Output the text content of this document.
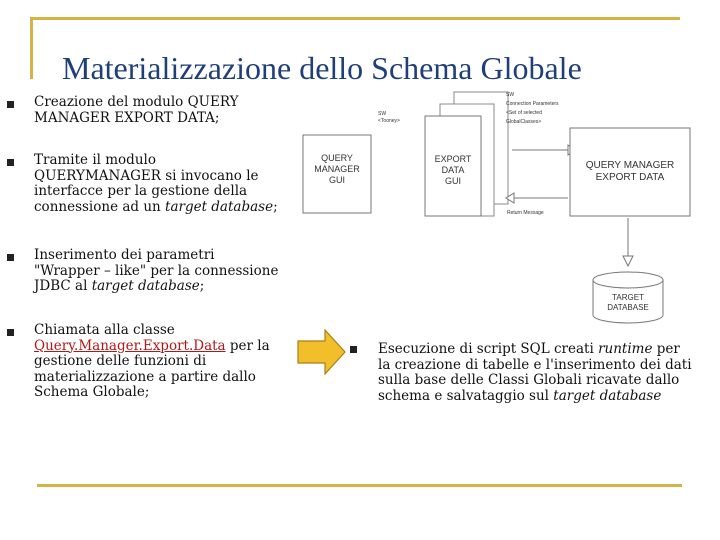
Materializzazione dello Schema Globale
Creazione del modulo QUERY
MANAGER EXPORT DATA;
Tramite il modulo
QUERYMANAGER si invocano le
interfacce per la gestione della
connessione ad un target database;
Inserimento dei parametri
"Wrapper – like" per la connessione
JDBC al target database;
Chiamata alla classe
Query.Manager.Export.Data per la
gestione delle funzioni di
materializzazione a partire dallo
Schema Globale;
Esecuzione di script SQL creati runtime per
la creazione di tabelle e l'inserimento dei dati
sulla base delle Classi Globali ricavate dallo
schema e salvataggio sul target database
QUERY
MANAGER
GUI
SW
<Tooney>
EXPORT
DATA
GUI
SW
Connection Parameters
<Set of selected
GlobalClasses>
Return Message
QUERY MANAGER
EXPORT DATA
TARGET
DATABASE
